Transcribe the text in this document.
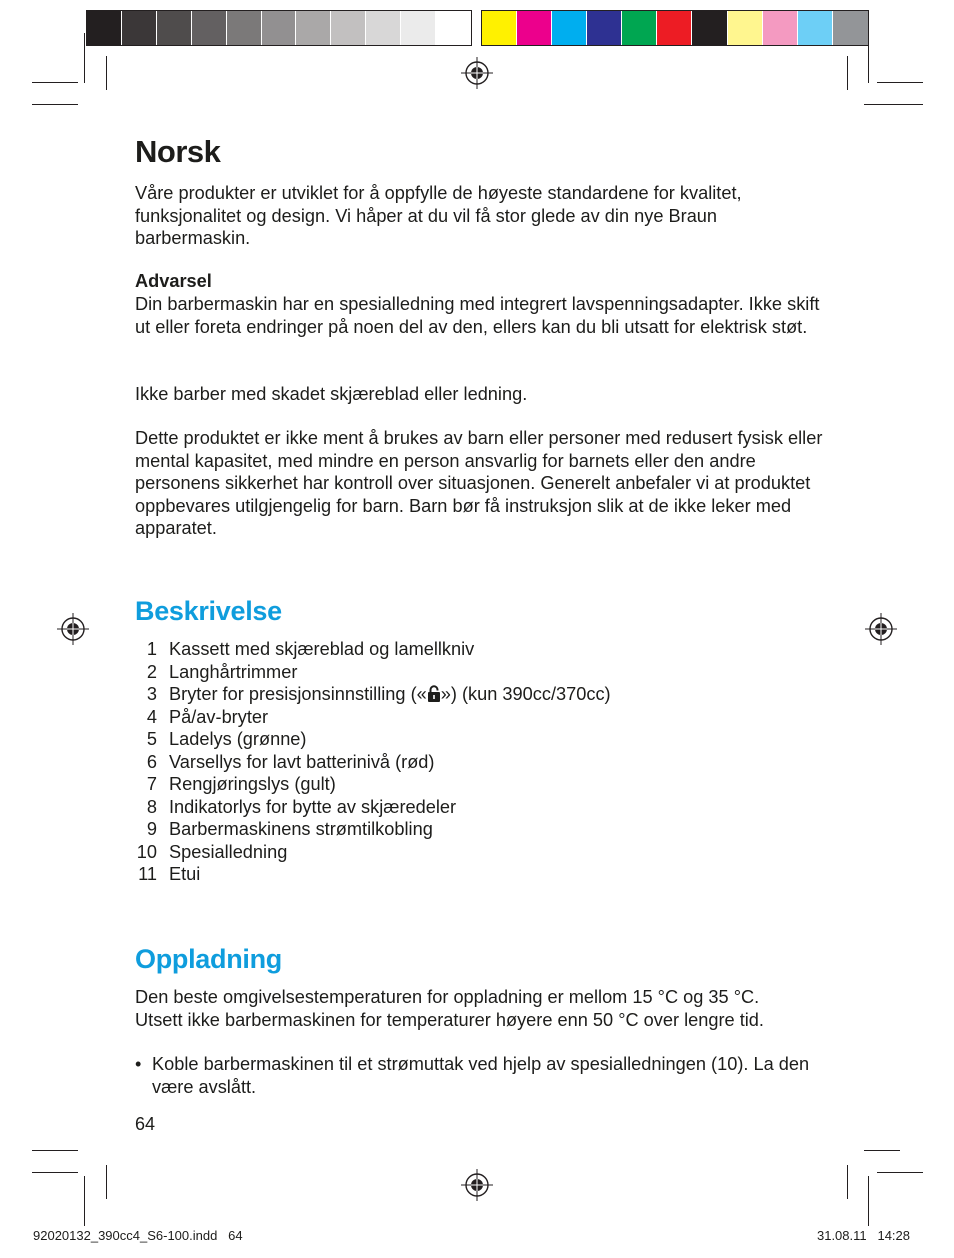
Norsk

Våre produkter er utviklet for å oppfylle de høyeste standardene for kvalitet, funksjonalitet og design. Vi håper at du vil få stor glede av din nye Braun barbermaskin.

Advarsel

Din barbermaskin har en spesialledning med integrert lavspenningsadapter. Ikke skift ut eller foreta endringer på noen del av den, ellers kan du bli utsatt for elektrisk støt.

Ikke barber med skadet skjæreblad eller ledning.

Dette produktet er ikke ment å brukes av barn eller personer med redusert fysisk eller mental kapasitet, med mindre en person ansvarlig for barnets eller den andre personens sikkerhet har kontroll over situasjonen. Generelt anbefaler vi at produktet oppbevares utilgjengelig for barn. Barn bør få instruksjon slik at de ikke leker med apparatet.

Beskrivelse
1 Kassett med skjæreblad og lamellkniv
2 Langhårtrimmer
3 Bryter for presisjonsinnstilling (« ») (kun 390cc/370cc)
4 På/av-bryter
5 Ladelys (grønne)
6 Varsellys for lavt batterinivå (rød)
7 Rengjøringslys (gult)
8 Indikatorlys for bytte av skjæredeler
9 Barbermaskinens strømtilkobling
10 Spesialledning
11 Etui
Oppladning

Den beste omgivelsestemperaturen for oppladning er mellom 15 °C og 35 °C. Utsett ikke barbermaskinen for temperaturer høyere enn 50 °C over lengre tid.

• Koble barbermaskinen til et strømuttak ved hjelp av spesialledningen (10). La den være avslått.
64
92020132_390cc4_S6-100.indd   64	31.08.11   14:28
